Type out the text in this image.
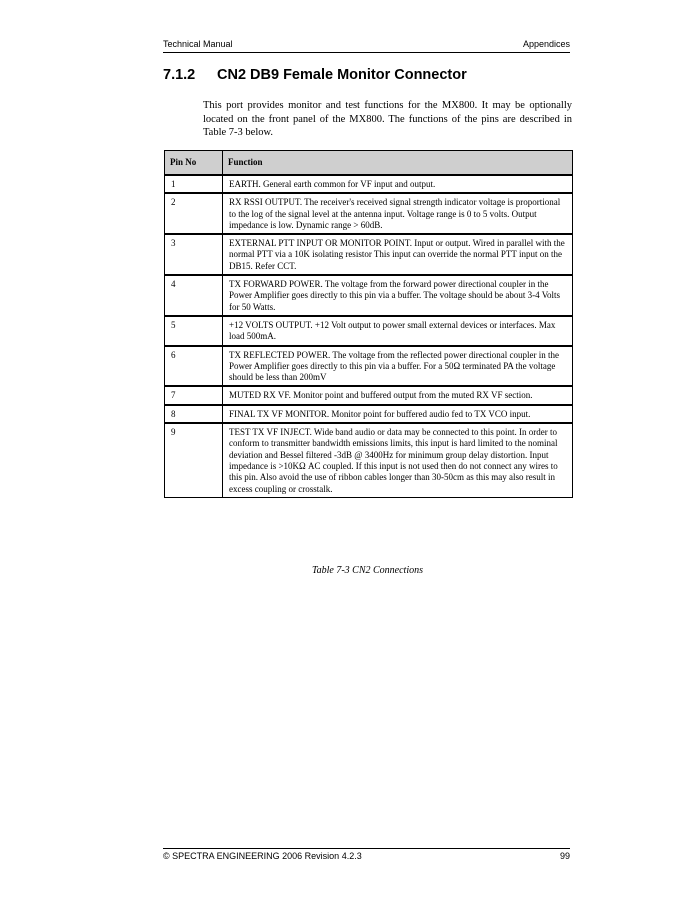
Technical Manual	Appendices
7.1.2 CN2 DB9 Female Monitor Connector
This port provides monitor and test functions for the MX800. It may be optionally located on the front panel of the MX800. The functions of the pins are described in Table 7-3 below.
Pin No	Function
1	EARTH. General earth common for VF input and output.
2	RX RSSI OUTPUT. The receiver's received signal strength indicator voltage is proportional to the log of the signal level at the antenna input. Voltage range is 0 to 5 volts. Output impedance is low. Dynamic range > 60dB.
3	EXTERNAL PTT INPUT OR MONITOR POINT. Input or output. Wired in parallel with the normal PTT via a 10K isolating resistor This input can override the normal PTT input on the DB15. Refer CCT.
4	TX FORWARD POWER. The voltage from the forward power directional coupler in the Power Amplifier goes directly to this pin via a buffer. The voltage should be about 3-4 Volts for 50 Watts.
5	+12 VOLTS OUTPUT. +12 Volt output to power small external devices or interfaces. Max load 500mA.
6	TX REFLECTED POWER. The voltage from the reflected power directional coupler in the Power Amplifier goes directly to this pin via a buffer. For a 50Ω terminated PA the voltage should be less than 200mV
7	MUTED RX VF. Monitor point and buffered output from the muted RX VF section.
8	FINAL TX VF MONITOR. Monitor point for buffered audio fed to TX VCO input.
9	TEST TX VF INJECT. Wide band audio or data may be connected to this point. In order to conform to transmitter bandwidth emissions limits, this input is hard limited to the nominal deviation and Bessel filtered -3dB @ 3400Hz for minimum group delay distortion. Input impedance is >10KΩ AC coupled. If this input is not used then do not connect any wires to this pin. Also avoid the use of ribbon cables longer than 30-50cm as this may also result in excess coupling or crosstalk.
Table 7-3 CN2 Connections
© SPECTRA ENGINEERING 2006 Revision 4.2.3	99
